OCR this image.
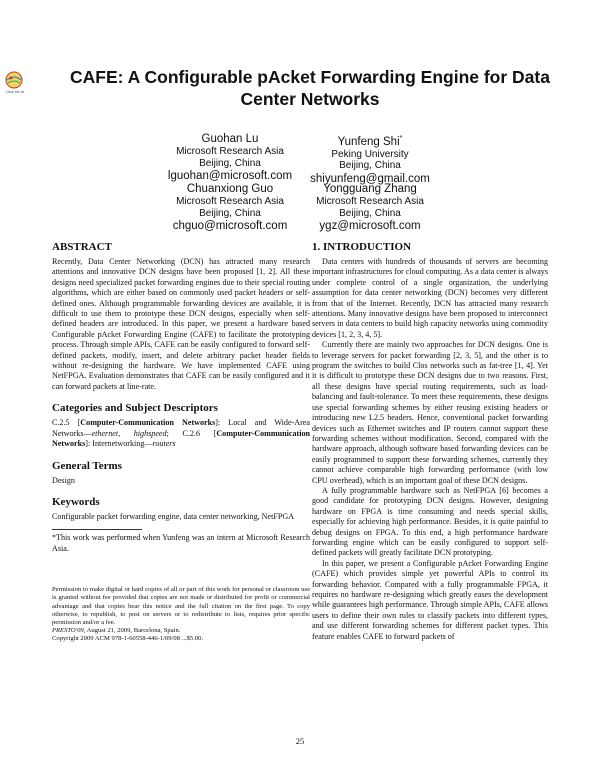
Clear the air
CAFE: A Configurable pAcket Forwarding Engine for Data Center Networks
Guohan Lu
Microsoft Research Asia
Beijing, China
lguohan@microsoft.com
Yunfeng Shi*
Peking University
Beijing, China
shiyunfeng@gmail.com
Chuanxiong Guo
Microsoft Research Asia
Beijing, China
chguo@microsoft.com
Yongguang Zhang
Microsoft Research Asia
Beijing, China
ygz@microsoft.com
ABSTRACT

Recently, Data Center Networking (DCN) has attracted many research attentions and innovative DCN designs have been proposed [1, 2]. All these designs need specialized packet forwarding engines due to their special routing algorithms, which are either based on commonly used packet headers or self-defined ones. Although programmable forwarding devices are available, it is difficult to use them to prototype these DCN designs, especially when self-defined headers are introduced. In this paper, we present a hardware based Configurable pAcket Forwarding Engine (CAFE) to facilitate the prototyping process. Through simple APIs, CAFE can be easily configured to forward self-defined packets, modify, insert, and delete arbitrary packet header fields without re-designing the hardware. We have implemented CAFE using NetFPGA. Evaluation demonstrates that CAFE can be easily configured and it can forward packets at line-rate.

Categories and Subject Descriptors

C.2.5 [Computer-Communication Networks]: Local and Wide-Area Networks—ethernet, highspeed; C.2.6 [Computer-Communication Networks]: Internetworking—routers

General Terms

Design

Keywords

Configurable packet forwarding engine, data center networking, NetFPGA

*This work was performed when Yunfeng was an intern at Microsoft Research Asia.

Permission to make digital or hard copies of all or part of this work for personal or classroom use is granted without fee provided that copies are not made or distributed for profit or commercial advantage and that copies bear this notice and the full citation on the first page. To copy otherwise, to republish, to post on servers or to redistribute to lists, requires prior specific permission and/or a fee.

PRESTO'09, August 21, 2009, Barcelona, Spain.

Copyright 2009 ACM 978-1-60558-446-1/09/08 ...$5.00.

1. INTRODUCTION

Data centers with hundreds of thousands of servers are becoming important infrastructures for cloud computing. As a data center is always under complete control of a single organization, the underlying assumption for data center networking (DCN) becomes very different from that of the Internet. Recently, DCN has attracted many research attentions. Many innovative designs have been proposed to interconnect servers in data centers to build high capacity networks using commodity devices [1, 2, 3, 4, 5].

Currently there are mainly two approaches for DCN designs. One is to leverage servers for packet forwarding [2, 3, 5], and the other is to program the switches to build Clos networks such as fat-tree [1, 4]. Yet it is difficult to prototype these DCN designs due to two reasons. First, all these designs have special routing requirements, such as load-balancing and fault-tolerance. To meet these requirements, these designs use special forwarding schemes by either reusing existing headers or introducing new L2.5 headers. Hence, conventional packet forwarding devices such as Ethernet switches and IP routers cannot support these forwarding schemes without modification. Second, compared with the hardware approach, although software based forwarding devices can be easily programmed to support these forwarding schemes, currently they cannot achieve comparable high forwarding performance (with low CPU overhead), which is an important goal of these DCN designs.

A fully programmable hardware such as NetFPGA [6] becomes a good candidate for prototyping DCN designs. However, designing hardware on FPGA is time consuming and needs special skills, especially for achieving high performance. Besides, it is quite painful to debug designs on FPGA. To this end, a high performance hardware forwarding engine which can be easily configured to support self-defined packets will greatly facilitate DCN prototyping.

In this paper, we present a Configurable pAcket Forwarding Engine (CAFE) which provides simple yet powerful APIs to control its forwarding behavior. Compared with a fully programmable FPGA, it requires no hardware re-designing which greatly eases the development while guarantees high performance. Through simple APIs, CAFE allows users to define their own rules to classify packets into different types, and use different forwarding schemes for different packet types. This feature enables CAFE to forward packets of

25
